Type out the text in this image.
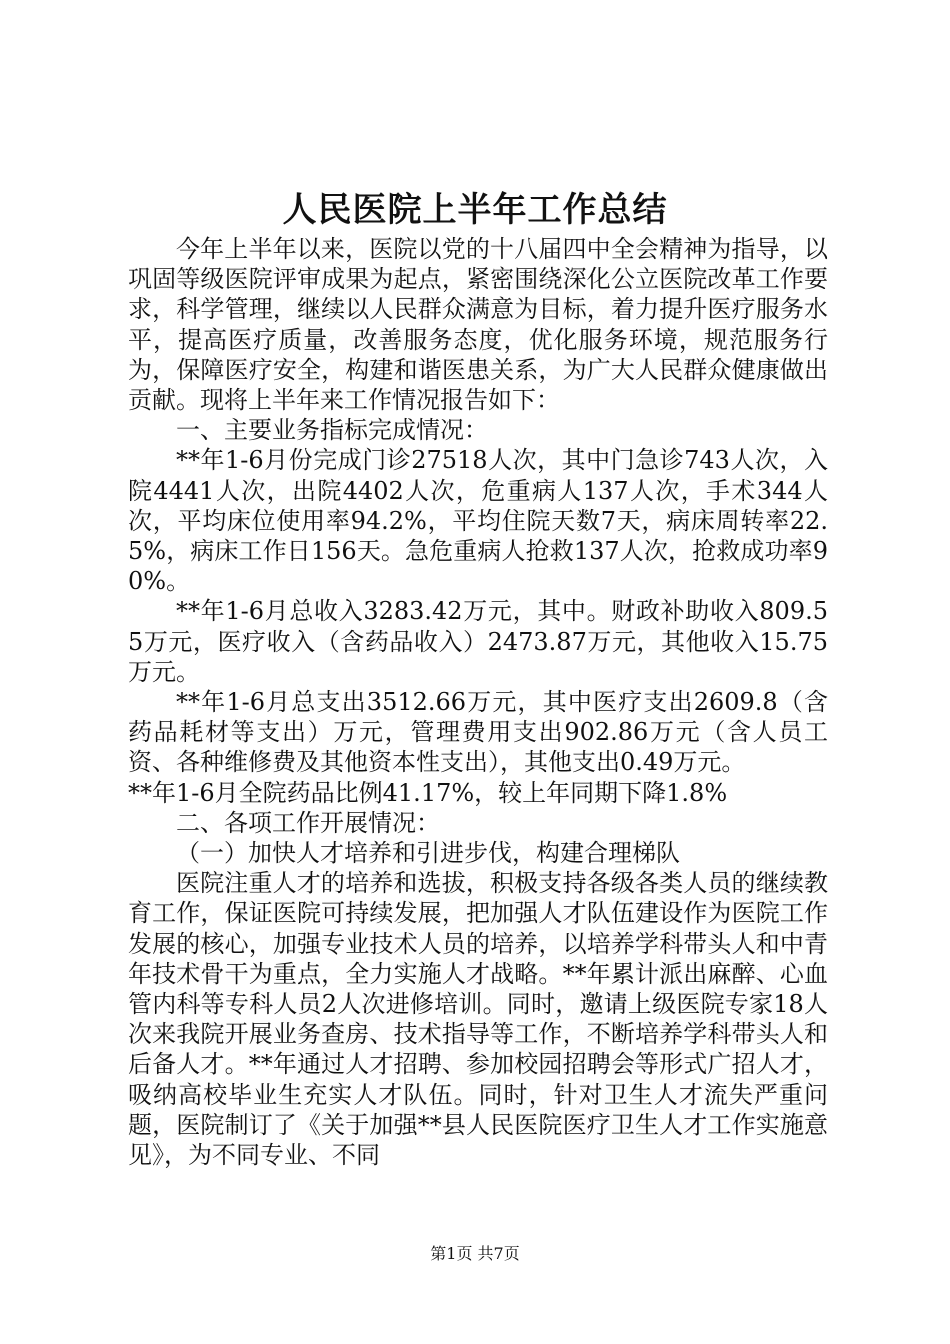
人民医院上半年工作总结

今年上半年以来，医院以党的十八届四中全会精神为指导，以巩固等级医院评审成果为起点，紧密围绕深化公立医院改革工作要求，科学管理，继续以人民群众满意为目标，着力提升医疗服务水平，提高医疗质量，改善服务态度，优化服务环境，规范服务行为，保障医疗安全，构建和谐医患关系，为广大人民群众健康做出贡献。现将上半年来工作情况报告如下：

一、主要业务指标完成情况：

**年1-6月份完成门诊27518人次，其中门急诊743人次，入院4441人次，出院4402人次，危重病人137人次，手术344人次，平均床位使用率94.2%，平均住院天数7天，病床周转率22.5%，病床工作日156天。急危重病人抢救137人次，抢救成功率90%。

**年1-6月总收入3283.42万元，其中。财政补助收入809.55万元，医疗收入（含药品收入）2473.87万元，其他收入15.75万元。

**年1-6月总支出3512.66万元，其中医疗支出2609.8（含药品耗材等支出）万元，管理费用支出902.86万元（含人员工资、各种维修费及其他资本性支出），其他支出0.49万元。

**年1-6月全院药品比例41.17%，较上年同期下降1.8%

二、各项工作开展情况：

（一）加快人才培养和引进步伐，构建合理梯队

医院注重人才的培养和选拔，积极支持各级各类人员的继续教育工作，保证医院可持续发展，把加强人才队伍建设作为医院工作发展的核心，加强专业技术人员的培养，以培养学科带头人和中青年技术骨干为重点，全力实施人才战略。**年累计派出麻醉、心血管内科等专科人员2人次进修培训。同时，邀请上级医院专家18人次来我院开展业务查房、技术指导等工作，不断培养学科带头人和后备人才。**年通过人才招聘、参加校园招聘会等形式广招人才，吸纳高校毕业生充实人才队伍。同时，针对卫生人才流失严重问题，医院制订了《关于加强**县人民医院医疗卫生人才工作实施意见》，为不同专业、不同

第1页 共7页
